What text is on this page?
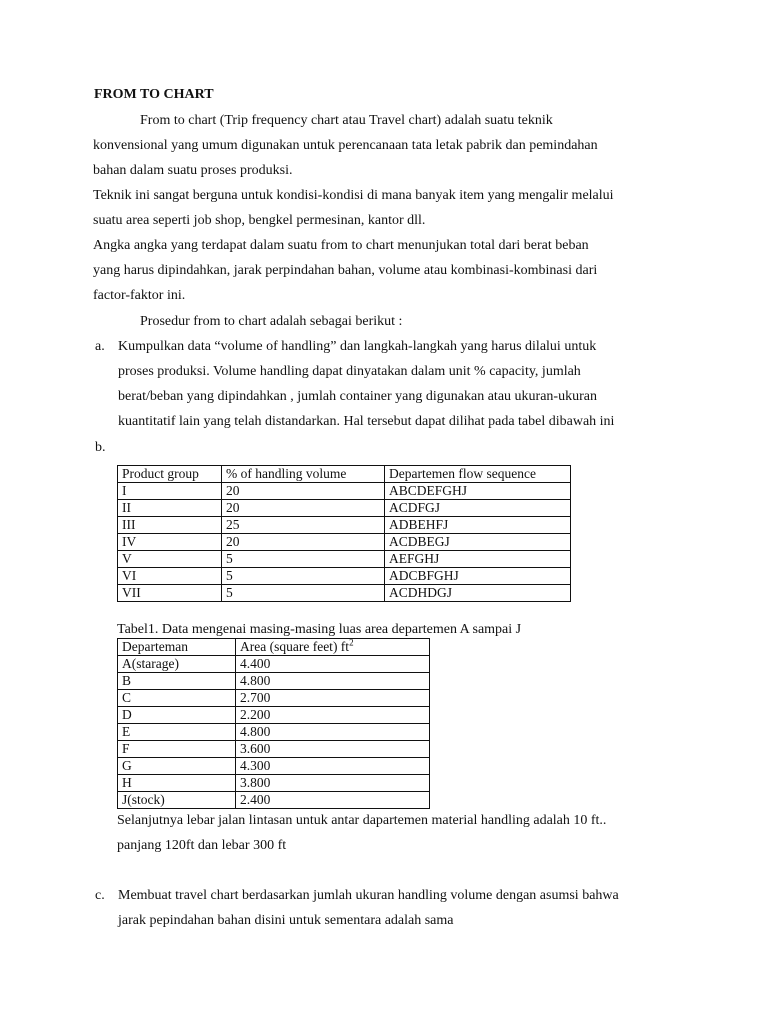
FROM TO CHART
From to chart (Trip frequency chart atau Travel chart) adalah suatu teknik
konvensional yang umum digunakan untuk perencanaan tata letak pabrik dan pemindahan
bahan dalam suatu proses produksi.
Teknik ini sangat berguna untuk kondisi-kondisi di mana banyak item yang mengalir melalui
suatu area seperti job shop, bengkel permesinan, kantor dll.
Angka angka yang terdapat dalam suatu from to chart menunjukan total dari berat beban
yang harus dipindahkan, jarak perpindahan bahan, volume atau kombinasi-kombinasi dari
factor-faktor ini.
Prosedur from to chart adalah sebagai berikut :
a. Kumpulkan data “volume of handling” dan langkah-langkah yang harus dilalui untuk
proses produksi. Volume handling dapat dinyatakan dalam unit % capacity, jumlah
berat/beban yang dipindahkan , jumlah container yang digunakan atau ukuran-ukuran
kuantitatif lain yang telah distandarkan. Hal tersebut dapat dilihat pada tabel dibawah ini
b.
Product group	% of handling volume	Departemen flow sequence
I	20	ABCDEFGHJ
II	20	ACDFGJ
III	25	ADBEHFJ
IV	20	ACDBEGJ
V	5	AEFGHJ
VI	5	ADCBFGHJ
VII	5	ACDHDGJ
Tabel1. Data mengenai masing-masing luas area departemen A sampai J
Departeman	Area (square feet) $ft^2$
A(starage)	4.400
B	4.800
C	2.700
D	2.200
E	4.800
F	3.600
G	4.300
H	3.800
J(stock)	2.400
Selanjutnya lebar jalan lintasan untuk antar dapartemen material handling adalah 10 ft..
panjang 120ft dan lebar 300 ft
c. Membuat travel chart berdasarkan jumlah ukuran handling volume dengan asumsi bahwa
jarak pepindahan bahan disini untuk sementara adalah sama
